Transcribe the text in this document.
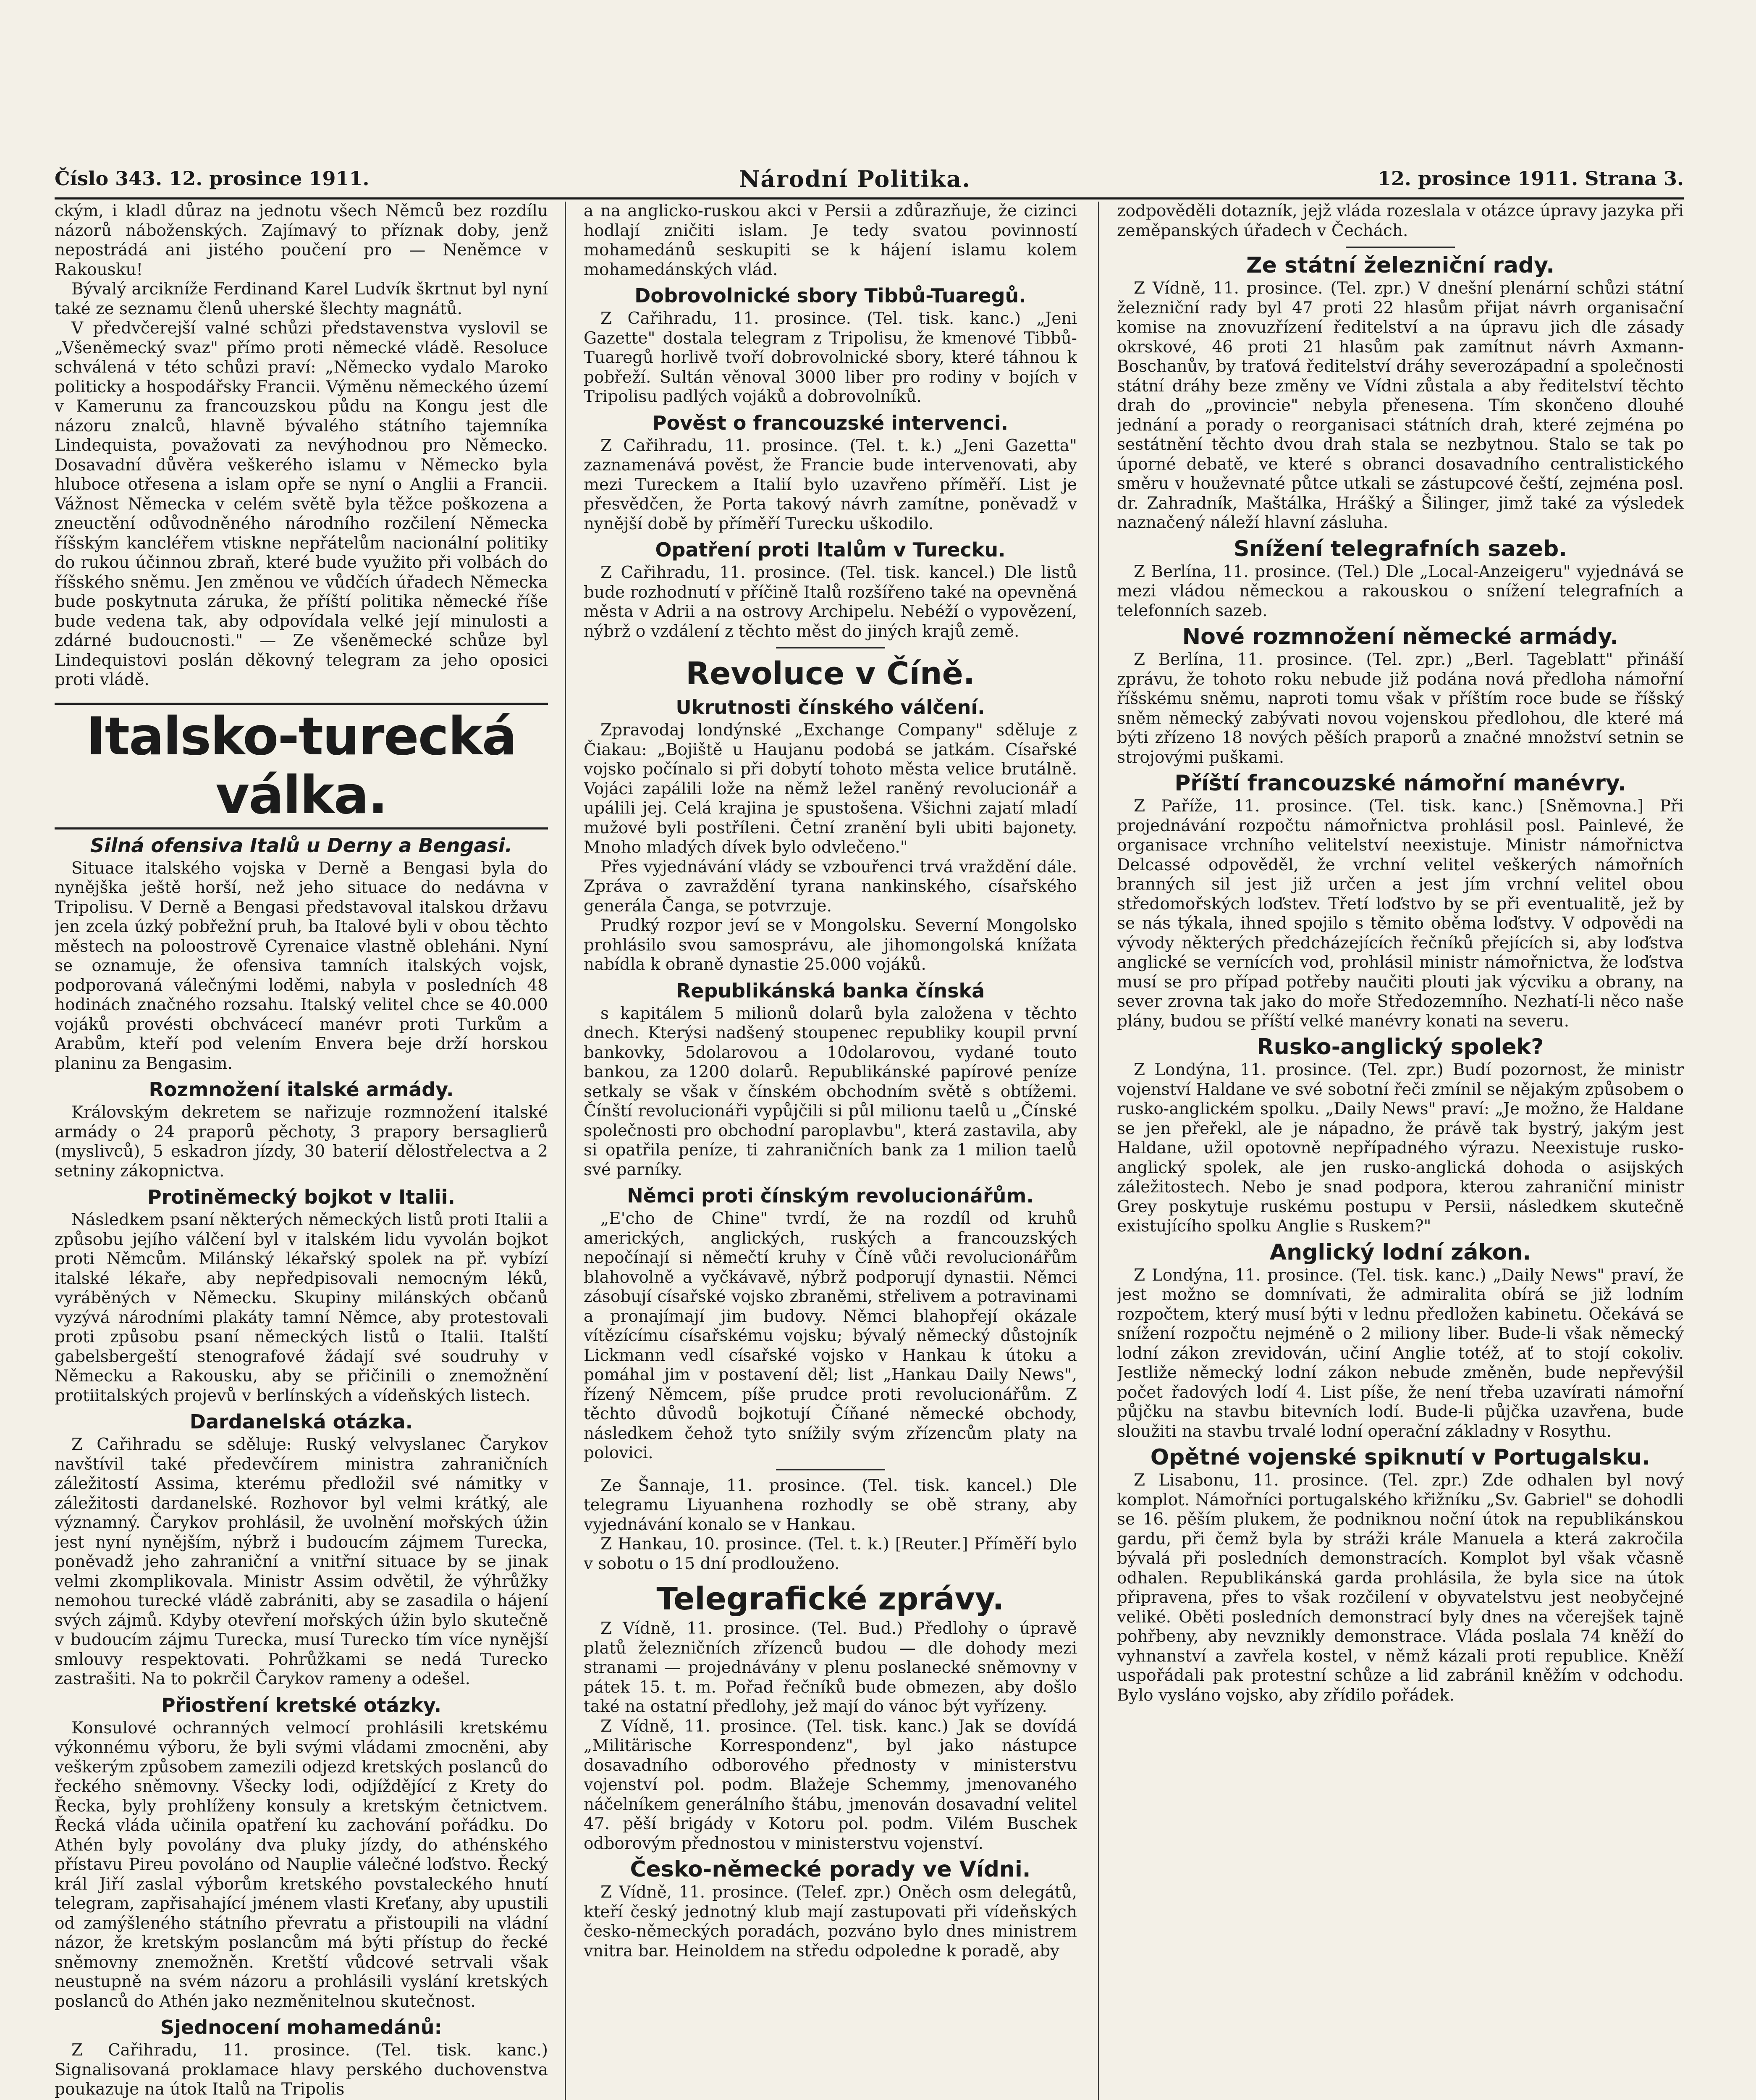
Číslo 343. 12. prosince 1911.	Národní Politika.	12. prosince 1911. Strana 3.

ckým, i kladl důraz na jednotu všech Němců bez rozdílu názorů náboženských. Zajímavý to příznak doby, jenž nepostrádá ani jistého poučení pro — Neněmce v Rakousku!

Bývalý arcikníže Ferdinand Karel Ludvík škrtnut byl nyní také ze seznamu členů uherské šlechty magnátů.

V předvčerejší valné schůzi představenstva vyslovil se „Všeněmecký svaz" přímo proti německé vládě. Resoluce schválená v této schůzi praví: „Německo vydalo Maroko politicky a hospodářsky Francii. Výměnu německého území v Kamerunu za francouzskou půdu na Kongu jest dle názoru znalců, hlavně bývalého státního tajemníka Lindequista, považovati za nevýhodnou pro Německo. Dosavadní důvěra veškerého islamu v Německo byla hluboce otřesena a islam opře se nyní o Anglii a Francii. Vážnost Německa v celém světě byla těžce poškozena a zneuctění odůvodněného národního rozčilení Německa říšským kancléřem vtiskne nepřátelům nacionální politiky do rukou účinnou zbraň, které bude využito při volbách do říšského sněmu. Jen změnou ve vůdčích úřadech Německa bude poskytnuta záruka, že příští politika německé říše bude vedena tak, aby odpovídala velké její minulosti a zdárné budoucnosti." — Ze všeněmecké schůze byl Lindequistovi poslán děkovný telegram za jeho oposici proti vládě.

Italsko-turecká válka.
Silná ofensiva Italů u Derny a Bengasi.

Situace italského vojska v Derně a Bengasi byla do nynějška ještě horší, než jeho situace do nedávna v Tripolisu. V Derně a Bengasi představoval italskou državu jen zcela úzký pobřežní pruh, ba Italové byli v obou těchto městech na poloostrově Cyrenaice vlastně obleháni. Nyní se oznamuje, že ofensiva tamních italských vojsk, podporovaná válečnými loděmi, nabyla v posledních 48 hodinách značného rozsahu. Italský velitel chce se 40.000 vojáků provésti obchvácecí manévr proti Turkům a Arabům, kteří pod velením Envera beje drží horskou planinu za Bengasim.

Rozmnožení italské armády.

Královským dekretem se nařizuje rozmnožení italské armády o 24 praporů pěchoty, 3 prapory bersaglierů (myslivců), 5 eskadron jízdy, 30 baterií dělostřelectva a 2 setniny zákopnictva.

Protiněmecký bojkot v Italii.

Následkem psaní některých německých listů proti Italii a způsobu jejího válčení byl v italském lidu vyvolán bojkot proti Němcům. Milánský lékařský spolek na př. vybízí italské lékaře, aby nepředpisovali nemocným léků, vyráběných v Německu. Skupiny milánských občanů vyzývá národními plakáty tamní Němce, aby protestovali proti způsobu psaní německých listů o Italii. Italští gabelsbergeští stenografové žádají své soudruhy v Německu a Rakousku, aby se přičinili o znemožnění protiitalských projevů v berlínských a vídeňských listech.

Dardanelská otázka.

Z Cařihradu se sděluje: Ruský velvyslanec Čarykov navštívil také předevčírem ministra zahraničních záležitostí Assima, kterému předložil své námitky v záležitosti dardanelské. Rozhovor byl velmi krátký, ale významný. Čarykov prohlásil, že uvolnění mořských úžin jest nyní nynějším, nýbrž i budoucím zájmem Turecka, poněvadž jeho zahraniční a vnitřní situace by se jinak velmi zkomplikovala. Ministr Assim odvětil, že výhrůžky nemohou turecké vládě zabrániti, aby se zasadila o hájení svých zájmů. Kdyby otevření mořských úžin bylo skutečně v budoucím zájmu Turecka, musí Turecko tím více nynější smlouvy respektovati. Pohrůžkami se nedá Turecko zastrašiti. Na to pokrčil Čarykov rameny a odešel.

Přiostření kretské otázky.

Konsulové ochranných velmocí prohlásili kretskému výkonnému výboru, že byli svými vládami zmocněni, aby veškerým způsobem zamezili odjezd kretských poslanců do řeckého sněmovny. Všecky lodi, odjíždějící z Krety do Řecka, byly prohlíženy konsuly a kretským četnictvem. Řecká vláda učinila opatření ku zachování pořádku. Do Athén byly povolány dva pluky jízdy, do athénského přístavu Pireu povoláno od Nauplie válečné loďstvo. Řecký král Jiří zaslal výborům kretského povstaleckého hnutí telegram, zapřisahající jménem vlasti Kreťany, aby upustili od zamýšleného státního převratu a přistoupili na vládní názor, že kretským poslancům má býti přístup do řecké sněmovny znemožněn. Kretští vůdcové setrvali však neustupně na svém názoru a prohlásili vyslání kretských poslanců do Athén jako nezměnitelnou skutečnost.

Sjednocení mohamedánů:

Z Cařihradu, 11. prosince. (Tel. tisk. kanc.) Signalisovaná proklamace hlavy perského duchovenstva poukazuje na útok Italů na Tripolis

a na anglicko-ruskou akci v Persii a zdůrazňuje, že cizinci hodlají zničiti islam. Je tedy svatou povinností mohamedánů seskupiti se k hájení islamu kolem mohamedánských vlád.

Dobrovolnické sbory Tibbů-Tuaregů.

Z Cařihradu, 11. prosince. (Tel. tisk. kanc.) „Jeni Gazette" dostala telegram z Tripolisu, že kmenové Tibbů-Tuaregů horlivě tvoří dobrovolnické sbory, které táhnou k pobřeží. Sultán věnoval 3000 liber pro rodiny v bojích v Tripolisu padlých vojáků a dobrovolníků.

Pověst o francouzské intervenci.

Z Cařihradu, 11. prosince. (Tel. t. k.) „Jeni Gazetta" zaznamenává pověst, že Francie bude intervenovati, aby mezi Tureckem a Italií bylo uzavřeno příměří. List je přesvědčen, že Porta takový návrh zamítne, poněvadž v nynější době by příměří Turecku uškodilo.

Opatření proti Italům v Turecku.

Z Cařihradu, 11. prosince. (Tel. tisk. kancel.) Dle listů bude rozhodnutí v příčině Italů rozšířeno také na opevněná města v Adrii a na ostrovy Archipelu. Nebéží o vypovězení, nýbrž o vzdálení z těchto měst do jiných krajů země.

Revoluce v Číně.
Ukrutnosti čínského válčení.

Zpravodaj londýnské „Exchange Company" sděluje z Čiakau: „Bojiště u Haujanu podobá se jatkám. Císařské vojsko počínalo si při dobytí tohoto města velice brutálně. Vojáci zapálili lože na němž ležel raněný revolucionář a upálili jej. Celá krajina je spustošena. Všichni zajatí mladí mužové byli postříleni. Četní zranění byli ubiti bajonety. Mnoho mladých dívek bylo odvlečeno."

Přes vyjednávání vlády se vzbouřenci trvá vraždění dále. Zpráva o zavraždění tyrana nankinského, císařského generála Čanga, se potvrzuje.

Prudký rozpor jeví se v Mongolsku. Severní Mongolsko prohlásilo svou samosprávu, ale jihomongolská knížata nabídla k obraně dynastie 25.000 vojáků.

Republikánská banka čínská

s kapitálem 5 milionů dolarů byla založena v těchto dnech. Kterýsi nadšený stoupenec republiky koupil první bankovky, 5dolarovou a 10dolarovou, vydané touto bankou, za 1200 dolarů. Republikánské papírové peníze setkaly se však v čínském obchodním světě s obtížemi. Čínští revolucionáři vypůjčili si půl milionu taelů u „Čínské společnosti pro obchodní paroplavbu", která zastavila, aby si opatřila peníze, ti zahraničních bank za 1 milion taelů své parníky.

Němci proti čínským revolucionářům.

„E'cho de Chine" tvrdí, že na rozdíl od kruhů amerických, anglických, ruských a francouzských nepočínají si němečtí kruhy v Číně vůči revolucionářům blahovolně a vyčkávavě, nýbrž podporují dynastii. Němci zásobují císařské vojsko zbraněmi, střelivem a potravinami a pronajímají jim budovy. Němci blahopřejí okázale vítězícímu císařskému vojsku; bývalý německý důstojník Lickmann vedl císařské vojsko v Hankau k útoku a pomáhal jim v postavení děl; list „Hankau Daily News", řízený Němcem, píše prudce proti revolucionářům. Z těchto důvodů bojkotují Číňané německé obchody, následkem čehož tyto snížily svým zřízencům platy na polovici.

Ze Šannaje, 11. prosince. (Tel. tisk. kancel.) Dle telegramu Liyuanhena rozhodly se obě strany, aby vyjednávání konalo se v Hankau.

Z Hankau, 10. prosince. (Tel. t. k.) [Reuter.] Příměří bylo v sobotu o 15 dní prodlouženo.

Telegrafické zprávy.

Z Vídně, 11. prosince. (Tel. Bud.) Předlohy o úpravě platů železničních zřízenců budou — dle dohody mezi stranami — projednávány v plenu poslanecké sněmovny v pátek 15. t. m. Pořad řečníků bude obmezen, aby došlo také na ostatní předlohy, jež mají do vánoc být vyřízeny.

Z Vídně, 11. prosince. (Tel. tisk. kanc.) Jak se dovídá „Militärische Korrespondenz", byl jako nástupce dosavadního odborového přednosty v ministerstvu vojenství pol. podm. Blažeje Schemmy, jmenovaného náčelníkem generálního štábu, jmenován dosavadní velitel 47. pěší brigády v Kotoru pol. podm. Vilém Buschek odborovým přednostou v ministerstvu vojenství.

Česko-německé porady ve Vídni.

Z Vídně, 11. prosince. (Telef. zpr.) Oněch osm delegátů, kteří český jednotný klub mají zastupovati při vídeňských česko-německých poradách, pozváno bylo dnes ministrem vnitra bar. Heinoldem na středu odpoledne k poradě, aby

zodpověděli dotazník, jejž vláda rozeslala v otázce úpravy jazyka při zeměpanských úřadech v Čechách.

Ze státní železniční rady.

Z Vídně, 11. prosince. (Tel. zpr.) V dnešní plenární schůzi státní železniční rady byl 47 proti 22 hlasům přijat návrh organisační komise na znovuzřízení ředitelství a na úpravu jich dle zásady okrskové, 46 proti 21 hlasům pak zamítnut návrh Axmann-Boschanův, by traťová ředitelství dráhy severozápadní a společnosti státní dráhy beze změny ve Vídni zůstala a aby ředitelství těchto drah do „provincie" nebyla přenesena. Tím skončeno dlouhé jednání a porady o reorganisaci státních drah, které zejména po sestátnění těchto dvou drah stala se nezbytnou. Stalo se tak po úporné debatě, ve které s obranci dosavadního centralistického směru v houževnaté půtce utkali se zástupcové čeští, zejména posl. dr. Zahradník, Maštálka, Hrášký a Šilinger, jimž také za výsledek naznačený náleží hlavní zásluha.

Snížení telegrafních sazeb.

Z Berlína, 11. prosince. (Tel.) Dle „Local-Anzeigeru" vyjednává se mezi vládou německou a rakouskou o snížení telegrafních a telefonních sazeb.

Nové rozmnožení německé armády.

Z Berlína, 11. prosince. (Tel. zpr.) „Berl. Tageblatt" přináší zprávu, že tohoto roku nebude již podána nová předloha námořní říšskému sněmu, naproti tomu však v příštím roce bude se říšský sněm německý zabývati novou vojenskou předlohou, dle které má býti zřízeno 18 nových pěších praporů a značné množství setnin se strojovými puškami.

Příští francouzské námořní manévry.

Z Paříže, 11. prosince. (Tel. tisk. kanc.) [Sněmovna.] Při projednávání rozpočtu námořnictva prohlásil posl. Painlevé, že organisace vrchního velitelství neexistuje. Ministr námořnictva Delcassé odpověděl, že vrchní velitel veškerých námořních branných sil jest již určen a jest jím vrchní velitel obou středomořských loďstev. Třetí loďstvo by se při eventualitě, jež by se nás týkala, ihned spojilo s těmito oběma loďstvy. V odpovědi na vývody některých předcházejících řečníků přejících si, aby loďstva anglické se vernících vod, prohlásil ministr námořnictva, že loďstva musí se pro případ potřeby naučiti plouti jak výcviku a obrany, na sever zrovna tak jako do moře Středozemního. Nezhatí-li něco naše plány, budou se příští velké manévry konati na severu.

Rusko-anglický spolek?

Z Londýna, 11. prosince. (Tel. zpr.) Budí pozornost, že ministr vojenství Haldane ve své sobotní řeči zmínil se nějakým způsobem o rusko-anglickém spolku. „Daily News" praví: „Je možno, že Haldane se jen přeřekl, ale je nápadno, že právě tak bystrý, jakým jest Haldane, užil opotovně nepřípadného výrazu. Neexistuje rusko-anglický spolek, ale jen rusko-anglická dohoda o asijských záležitostech. Nebo je snad podpora, kterou zahraniční ministr Grey poskytuje ruskému postupu v Persii, následkem skutečně existujícího spolku Anglie s Ruskem?"

Anglický lodní zákon.

Z Londýna, 11. prosince. (Tel. tisk. kanc.) „Daily News" praví, že jest možno se domnívati, že admiralita obírá se již lodním rozpočtem, který musí býti v lednu předložen kabinetu. Očekává se snížení rozpočtu nejméně o 2 miliony liber. Bude-li však německý lodní zákon zrevidován, učiní Anglie totéž, ať to stojí cokoliv. Jestliže německý lodní zákon nebude změněn, bude nepřevýšil počet řadových lodí 4. List píše, že není třeba uzavírati námořní půjčku na stavbu bitevních lodí. Bude-li půjčka uzavřena, bude sloužiti na stavbu trvalé lodní operační základny v Rosythu.

Opětné vojenské spiknutí v Portugalsku.

Z Lisabonu, 11. prosince. (Tel. zpr.) Zde odhalen byl nový komplot. Námořníci portugalského křižníku „Sv. Gabriel" se dohodli se 16. pěším plukem, že podniknou noční útok na republikánskou gardu, při čemž byla by stráži krále Manuela a která zakročila bývalá při posledních demonstracích. Komplot byl však včasně odhalen. Republikánská garda prohlásila, že byla sice na útok připravena, přes to však rozčilení v obyvatelstvu jest neobyčejné veliké. Oběti posledních demonstrací byly dnes na včerejšek tajně pohřbeny, aby nevznikly demonstrace. Vláda poslala 74 kněží do vyhnanství a zavřela kostel, v němž kázali proti republice. Kněží uspořádali pak protestní schůze a lid zabránil kněžím v odchodu. Bylo vysláno vojsko, aby zřídilo pořádek.
